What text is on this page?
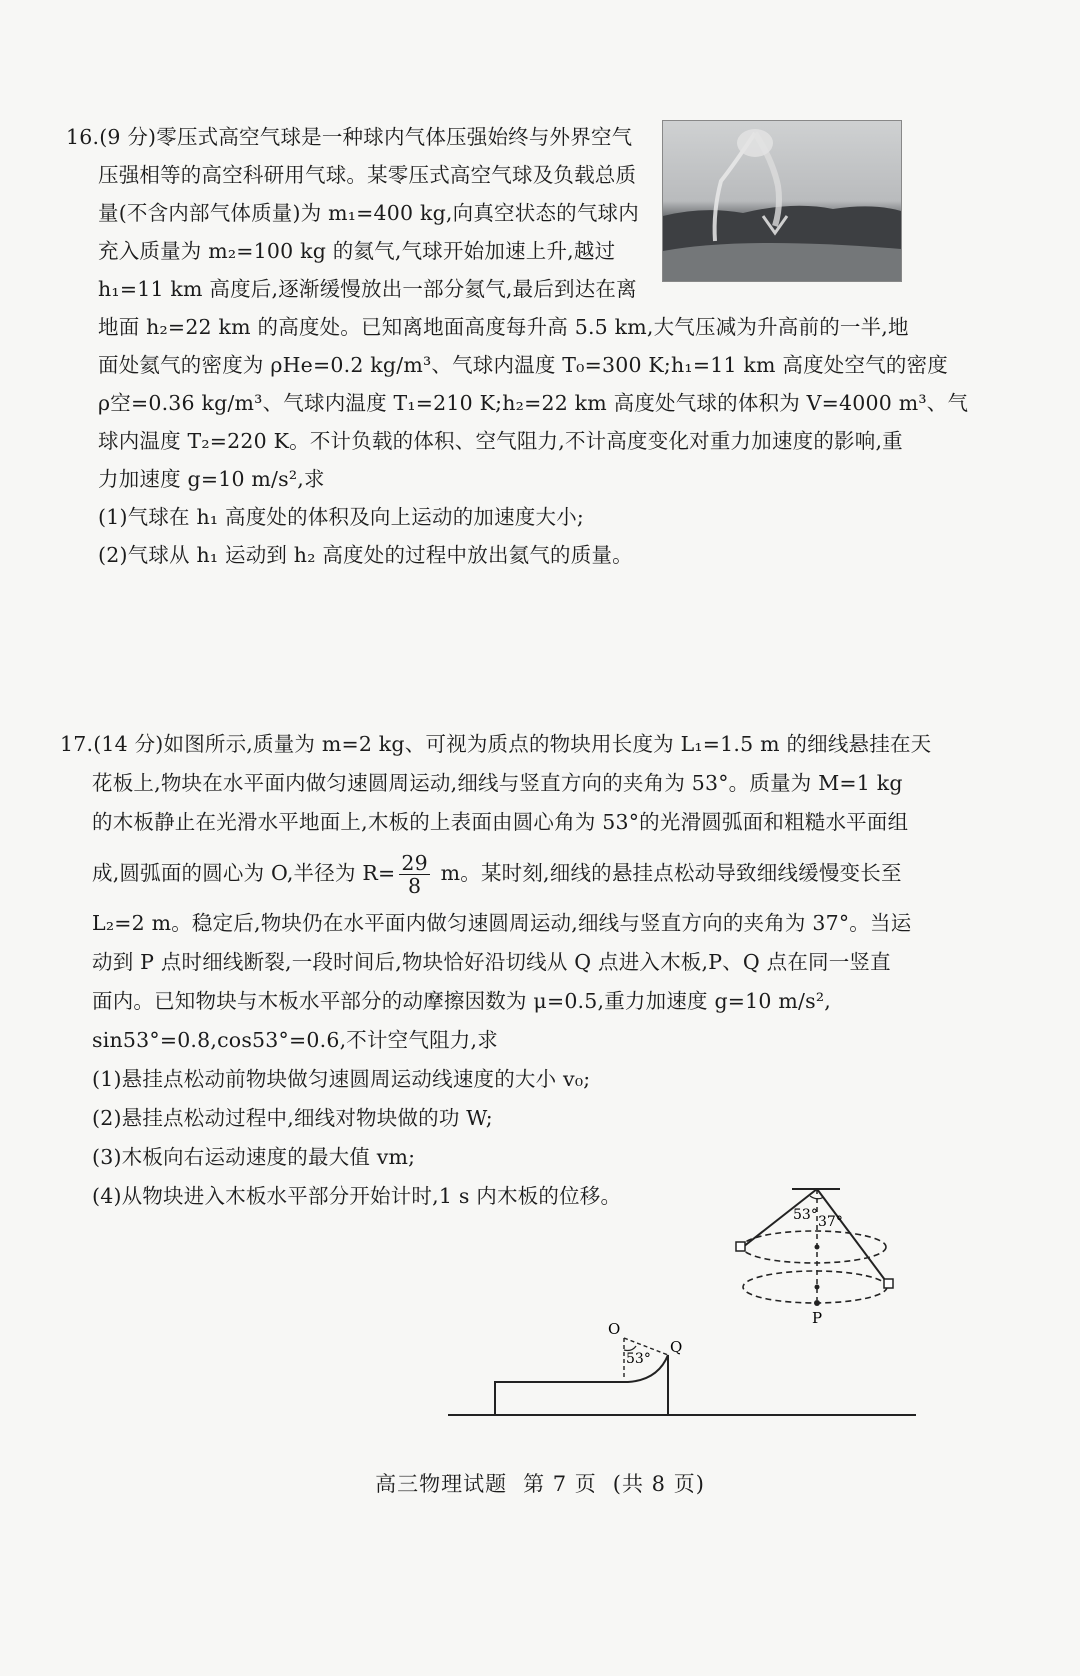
16.(9 分)零压式高空气球是一种球内气体压强始终与外界空气
压强相等的高空科研用气球。某零压式高空气球及负载总质
量(不含内部气体质量)为 m₁=400 kg,向真空状态的气球内
充入质量为 m₂=100 kg 的氦气,气球开始加速上升,越过
h₁=11 km 高度后,逐渐缓慢放出一部分氦气,最后到达在离
地面 h₂=22 km 的高度处。已知离地面高度每升高 5.5 km,大气压减为升高前的一半,地
面处氦气的密度为 ρHe=0.2 kg/m³、气球内温度 T₀=300 K;h₁=11 km 高度处空气的密度
ρ空=0.36 kg/m³、气球内温度 T₁=210 K;h₂=22 km 高度处气球的体积为 V=4000 m³、气
球内温度 T₂=220 K。不计负载的体积、空气阻力,不计高度变化对重力加速度的影响,重
力加速度 g=10 m/s²,求
(1)气球在 h₁ 高度处的体积及向上运动的加速度大小;
(2)气球从 h₁ 运动到 h₂ 高度处的过程中放出氦气的质量。
17.(14 分)如图所示,质量为 m=2 kg、可视为质点的物块用长度为 L₁=1.5 m 的细线悬挂在天
花板上,物块在水平面内做匀速圆周运动,细线与竖直方向的夹角为 53°。质量为 M=1 kg
的木板静止在光滑水平地面上,木板的上表面由圆心角为 53°的光滑圆弧面和粗糙水平面组
成,圆弧面的圆心为 O,半径为 $R= \frac{29}{8}$ m。某时刻,细线的悬挂点松动导致细线缓慢变长至
L₂=2 m。稳定后,物块仍在水平面内做匀速圆周运动,细线与竖直方向的夹角为 37°。当运
动到 P 点时细线断裂,一段时间后,物块恰好沿切线从 Q 点进入木板,P、Q 点在同一竖直
面内。已知物块与木板水平部分的动摩擦因数为 μ=0.5,重力加速度 g=10 m/s²,
sin53°=0.8,cos53°=0.6,不计空气阻力,求
(1)悬挂点松动前物块做匀速圆周运动线速度的大小 v₀;
(2)悬挂点松动过程中,细线对物块做的功 W;
(3)木板向右运动速度的最大值 vm;
(4)从物块进入木板水平部分开始计时,1 s 内木板的位移。
53° 37°
P
O
Q
53°
高三物理试题 第 7 页 (共 8 页)
